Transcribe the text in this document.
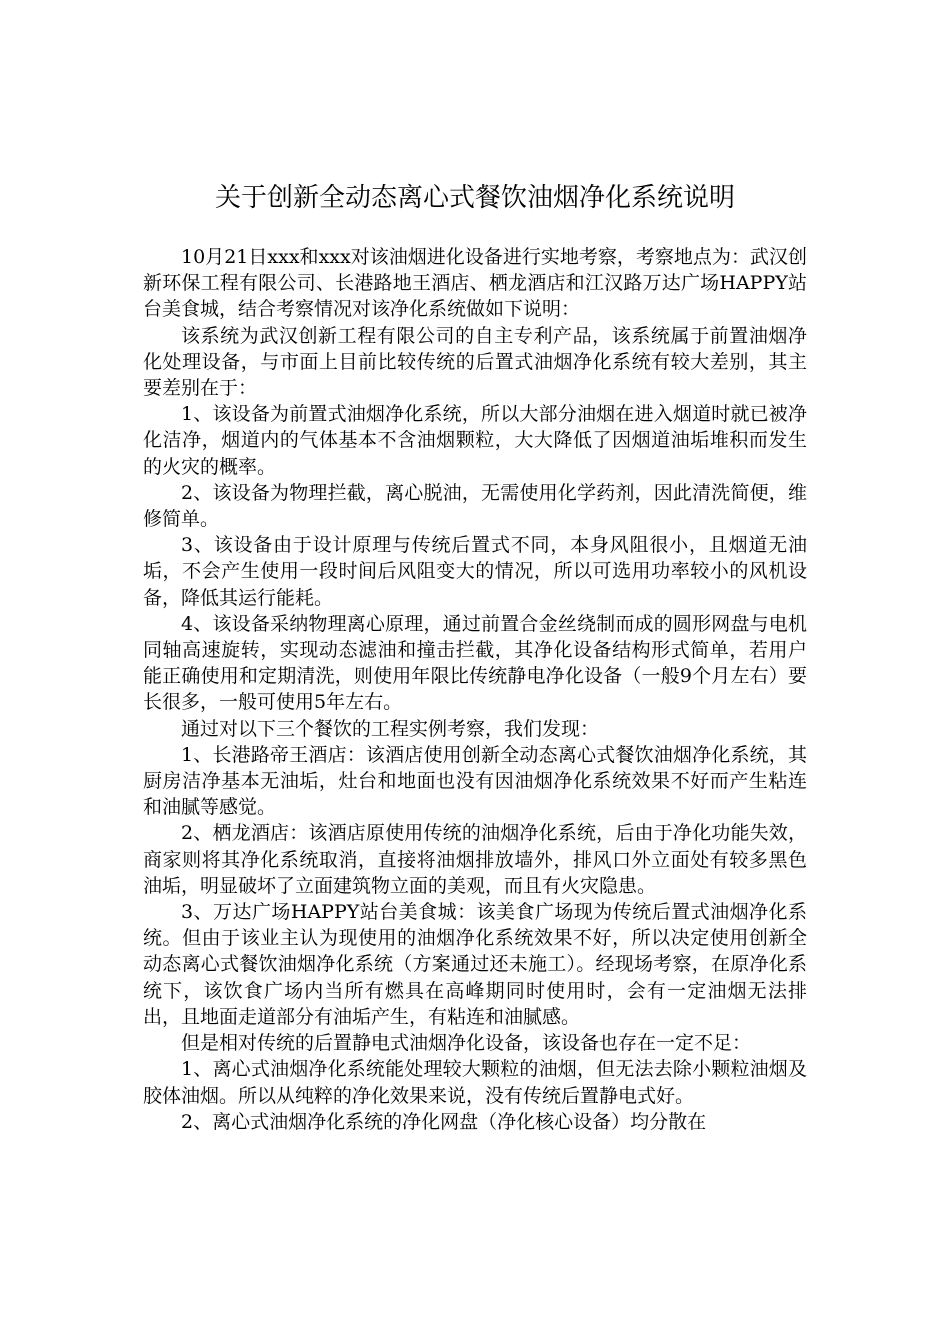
关于创新全动态离心式餐饮油烟净化系统说明

10月21日xxx和xxx对该油烟进化设备进行实地考察，考察地点为：武汉创新环保工程有限公司、长港路地王酒店、栖龙酒店和江汉路万达广场HAPPY站台美食城，结合考察情况对该净化系统做如下说明：

该系统为武汉创新工程有限公司的自主专利产品，该系统属于前置油烟净化处理设备，与市面上目前比较传统的后置式油烟净化系统有较大差别，其主要差别在于：

1、该设备为前置式油烟净化系统，所以大部分油烟在进入烟道时就已被净化洁净，烟道内的气体基本不含油烟颗粒，大大降低了因烟道油垢堆积而发生的火灾的概率。

2、该设备为物理拦截，离心脱油，无需使用化学药剂，因此清洗简便，维修简单。

3、该设备由于设计原理与传统后置式不同，本身风阻很小，且烟道无油垢，不会产生使用一段时间后风阻变大的情况，所以可选用功率较小的风机设备，降低其运行能耗。

4、该设备采纳物理离心原理，通过前置合金丝绕制而成的圆形网盘与电机同轴高速旋转，实现动态滤油和撞击拦截，其净化设备结构形式简单，若用户能正确使用和定期清洗，则使用年限比传统静电净化设备（一般9个月左右）要长很多，一般可使用5年左右。

通过对以下三个餐饮的工程实例考察，我们发现：

1、长港路帝王酒店：该酒店使用创新全动态离心式餐饮油烟净化系统，其厨房洁净基本无油垢，灶台和地面也没有因油烟净化系统效果不好而产生粘连和油腻等感觉。

2、栖龙酒店：该酒店原使用传统的油烟净化系统，后由于净化功能失效，商家则将其净化系统取消，直接将油烟排放墙外，排风口外立面处有较多黑色油垢，明显破坏了立面建筑物立面的美观，而且有火灾隐患。

3、万达广场HAPPY站台美食城：该美食广场现为传统后置式油烟净化系统。但由于该业主认为现使用的油烟净化系统效果不好，所以决定使用创新全动态离心式餐饮油烟净化系统（方案通过还未施工）。经现场考察，在原净化系统下，该饮食广场内当所有燃具在高峰期同时使用时，会有一定油烟无法排出，且地面走道部分有油垢产生，有粘连和油腻感。

但是相对传统的后置静电式油烟净化设备，该设备也存在一定不足：

1、离心式油烟净化系统能处理较大颗粒的油烟，但无法去除小颗粒油烟及胶体油烟。所以从纯粹的净化效果来说，没有传统后置静电式好。

2、离心式油烟净化系统的净化网盘（净化核心设备）均分散在
